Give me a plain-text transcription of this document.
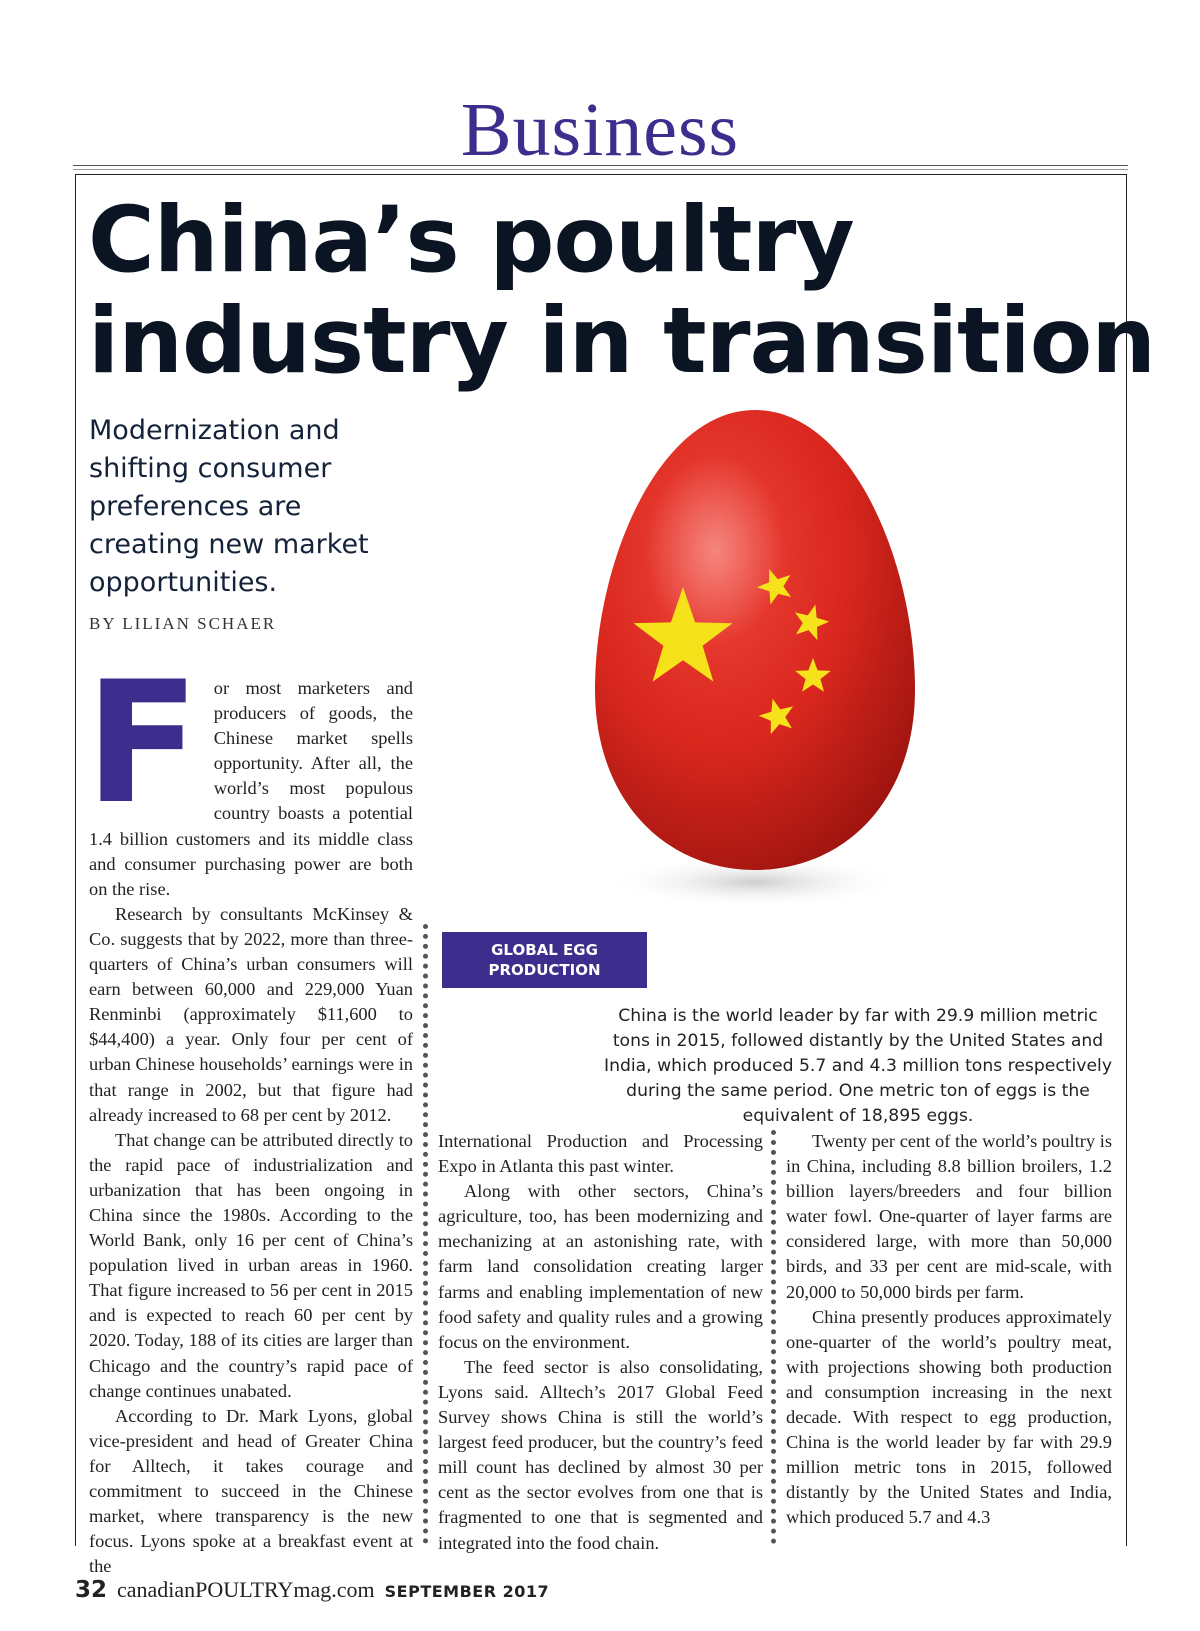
Business
China’s poultry
industry in transition
Modernization and shifting consumer preferences are creating new market opportunities.
BY LILIAN SCHAER

For most marketers and producers of goods, the Chinese market spells opportunity. After all, the world’s most populous country boasts a potential 1.4 billion customers and its middle class and consumer purchasing power are both on the rise.

Research by consultants McKinsey & Co. suggests that by 2022, more than three-quarters of China’s urban consumers will earn between 60,000 and 229,000 Yuan Renminbi (approximately $11,600 to $44,400) a year. Only four per cent of urban Chinese households’ earnings were in that range in 2002, but that figure had already increased to 68 per cent by 2012.

That change can be attributed directly to the rapid pace of industrialization and urbanization that has been ongoing in China since the 1980s. According to the World Bank, only 16 per cent of China’s population lived in urban areas in 1960. That figure increased to 56 per cent in 2015 and is expected to reach 60 per cent by 2020. Today, 188 of its cities are larger than Chicago and the country’s rapid pace of change continues unabated.

According to Dr. Mark Lyons, global vice-president and head of Greater China for Alltech, it takes courage and commitment to succeed in the Chinese market, where transparency is the new focus. Lyons spoke at a breakfast event at the

GLOBAL EGG
PRODUCTION
China is the world leader by far with 29.9 million metric tons in 2015, followed distantly by the United States and India, which produced 5.7 and 4.3 million tons respectively during the same period. One metric ton of eggs is the equivalent of 18,895 eggs.

International Production and Processing Expo in Atlanta this past winter.

Along with other sectors, China’s agriculture, too, has been modernizing and mechanizing at an astonishing rate, with farm land consolidation creating larger farms and enabling implementation of new food safety and quality rules and a growing focus on the environment.

The feed sector is also consolidating, Lyons said. Alltech’s 2017 Global Feed Survey shows China is still the world’s largest feed producer, but the country’s feed mill count has declined by almost 30 per cent as the sector evolves from one that is fragmented to one that is segmented and integrated into the food chain.

Twenty per cent of the world’s poultry is in China, including 8.8 billion broilers, 1.2 billion layers/breeders and four billion water fowl. One-quarter of layer farms are considered large, with more than 50,000 birds, and 33 per cent are mid-scale, with 20,000 to 50,000 birds per farm.

China presently produces approximately one-quarter of the world’s poultry meat, with projections showing both production and consumption increasing in the next decade. With respect to egg production, China is the world leader by far with 29.9 million metric tons in 2015, followed distantly by the United States and India, which produced 5.7 and 4.3

32 canadianPOULTRYmag.com SEPTEMBER 2017
